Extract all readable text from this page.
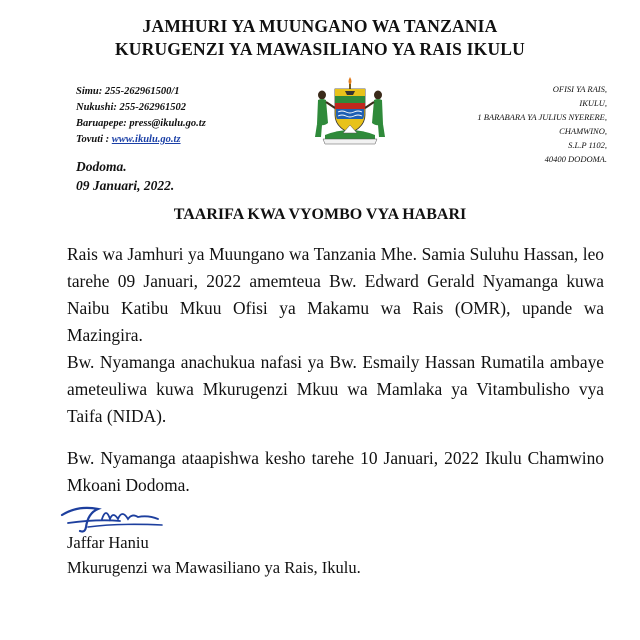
JAMHURI YA MUUNGANO WA TANZANIA
KURUGENZI YA MAWASILIANO YA RAIS IKULU
Simu: 255-262961500/1
Nukushi: 255-262961502
Baruapepe: press@ikulu.go.tz
Tovuti : www.ikulu.go.tz
OFISI YA RAIS,
IKULU,
1 BARABARA YA JULIUS NYERERE,
CHAMWINO,
S.L.P 1102,
40400 DODOMA.
Dodoma.
09 Januari, 2022.
TAARIFA KWA VYOMBO VYA HABARI

Rais wa Jamhuri ya Muungano wa Tanzania Mhe. Samia Suluhu Hassan, leo tarehe 09 Januari, 2022 amemteua Bw. Edward Gerald Nyamanga kuwa Naibu Katibu Mkuu Ofisi ya Makamu wa Rais (OMR), upande wa Mazingira.

Bw. Nyamanga anachukua nafasi ya Bw. Esmaily Hassan Rumatila ambaye ameteuliwa kuwa Mkurugenzi Mkuu wa Mamlaka ya Vitambulisho vya Taifa (NIDA).

Bw. Nyamanga ataapishwa kesho tarehe 10 Januari, 2022 Ikulu Chamwino Mkoani Dodoma.

Jaffar Haniu
Mkurugenzi wa Mawasiliano ya Rais, Ikulu.
